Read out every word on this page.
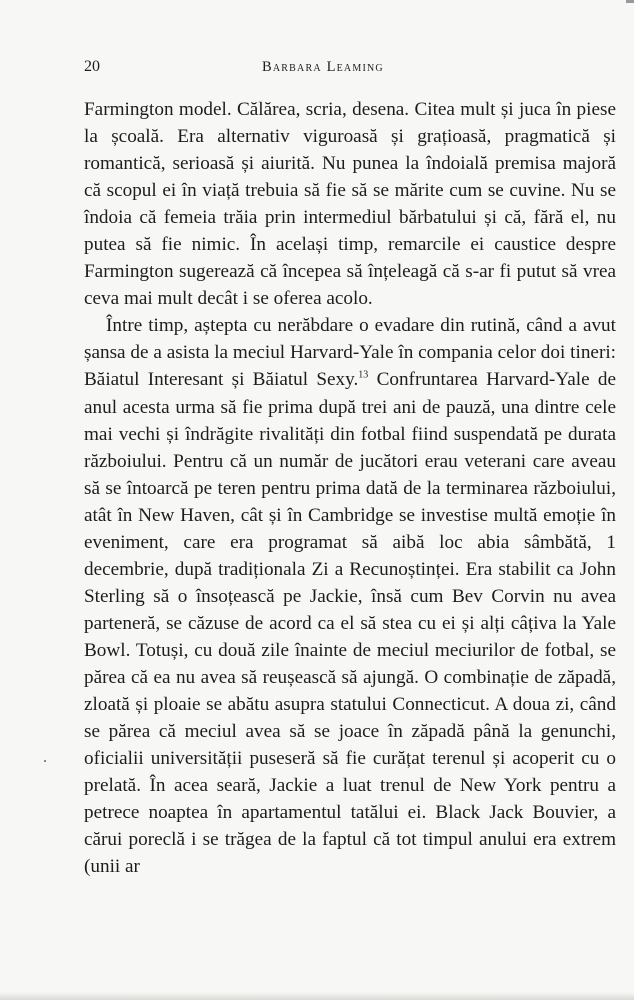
20	Barbara Leaming

Farmington model. Călărea, scria, desena. Citea mult și juca în piese la școală. Era alternativ viguroasă și grațioasă, pragmatică și romantică, serioasă și aiurită. Nu punea la îndoială premisa majoră că scopul ei în viață trebuia să fie să se mărite cum se cuvine. Nu se îndoia că femeia trăia prin intermediul bărbatului și că, fără el, nu putea să fie nimic. În același timp, remarcile ei caustice despre Farmington sugerează că începea să înțeleagă că s-ar fi putut să vrea ceva mai mult decât i se oferea acolo.

Între timp, aștepta cu nerăbdare o evadare din rutină, când a avut șansa de a asista la meciul Harvard-Yale în compania celor doi tineri: Băiatul Interesant și Băiatul Sexy.$^{13}$ Confruntarea Harvard-Yale de anul acesta urma să fie prima după trei ani de pauză, una dintre cele mai vechi și îndrăgite rivalități din fotbal fiind suspendată pe durata războiului. Pentru că un număr de jucători erau veterani care aveau să se întoarcă pe teren pentru prima dată de la terminarea războiului, atât în New Haven, cât și în Cambridge se investise multă emoție în eveniment, care era programat să aibă loc abia sâmbătă, 1 decembrie, după tradiționala Zi a Recunoștinței. Era stabilit ca John Sterling să o însoțească pe Jackie, însă cum Bev Corvin nu avea parteneră, se căzuse de acord ca el să stea cu ei și alți câțiva la Yale Bowl. Totuși, cu două zile înainte de meciul meciurilor de fotbal, se părea că ea nu avea să reușească să ajungă. O combinație de zăpadă, zloată și ploaie se abătu asupra statului Connecticut. A doua zi, când se părea că meciul avea să se joace în zăpadă până la genunchi, oficialii universității puseseră să fie curățat terenul și acoperit cu o prelată. În acea seară, Jackie a luat trenul de New York pentru a petrece noaptea în apartamentul tatălui ei. Black Jack Bouvier, a cărui poreclă i se trăgea de la faptul că tot timpul anului era extrem (unii ar
